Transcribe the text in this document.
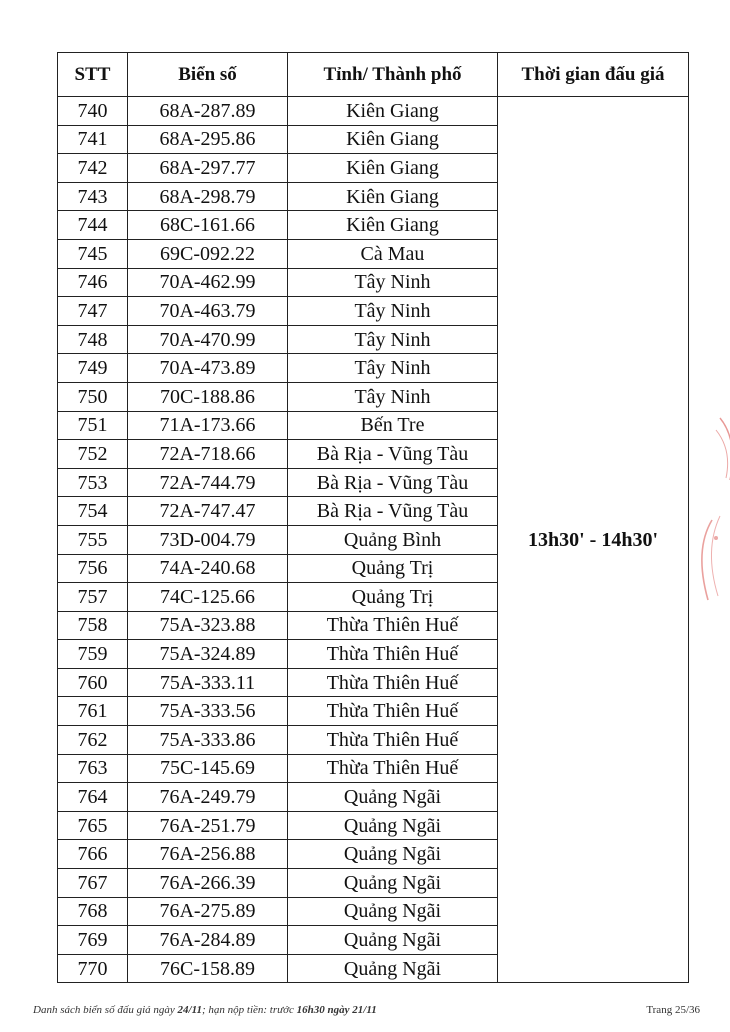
STT	Biển số	Tỉnh/ Thành phố	Thời gian đấu giá
740	68A-287.89	Kiên Giang	13h30' - 14h30'
741	68A-295.86	Kiên Giang	
742	68A-297.77	Kiên Giang	
743	68A-298.79	Kiên Giang	
744	68C-161.66	Kiên Giang	
745	69C-092.22	Cà Mau	
746	70A-462.99	Tây Ninh	
747	70A-463.79	Tây Ninh	
748	70A-470.99	Tây Ninh	
749	70A-473.89	Tây Ninh	
750	70C-188.86	Tây Ninh	
751	71A-173.66	Bến Tre	
752	72A-718.66	Bà Rịa - Vũng Tàu	
753	72A-744.79	Bà Rịa - Vũng Tàu	
754	72A-747.47	Bà Rịa - Vũng Tàu	
755	73D-004.79	Quảng Bình	
756	74A-240.68	Quảng Trị	
757	74C-125.66	Quảng Trị	
758	75A-323.88	Thừa Thiên Huế	
759	75A-324.89	Thừa Thiên Huế	
760	75A-333.11	Thừa Thiên Huế	
761	75A-333.56	Thừa Thiên Huế	
762	75A-333.86	Thừa Thiên Huế	
763	75C-145.69	Thừa Thiên Huế	
764	76A-249.79	Quảng Ngãi	
765	76A-251.79	Quảng Ngãi	
766	76A-256.88	Quảng Ngãi	
767	76A-266.39	Quảng Ngãi	
768	76A-275.89	Quảng Ngãi	
769	76A-284.89	Quảng Ngãi	
770	76C-158.89	Quảng Ngãi	
Danh sách biển số đấu giá ngày 24/11; hạn nộp tiền: trước 16h30 ngày 21/11	Trang 25/36
